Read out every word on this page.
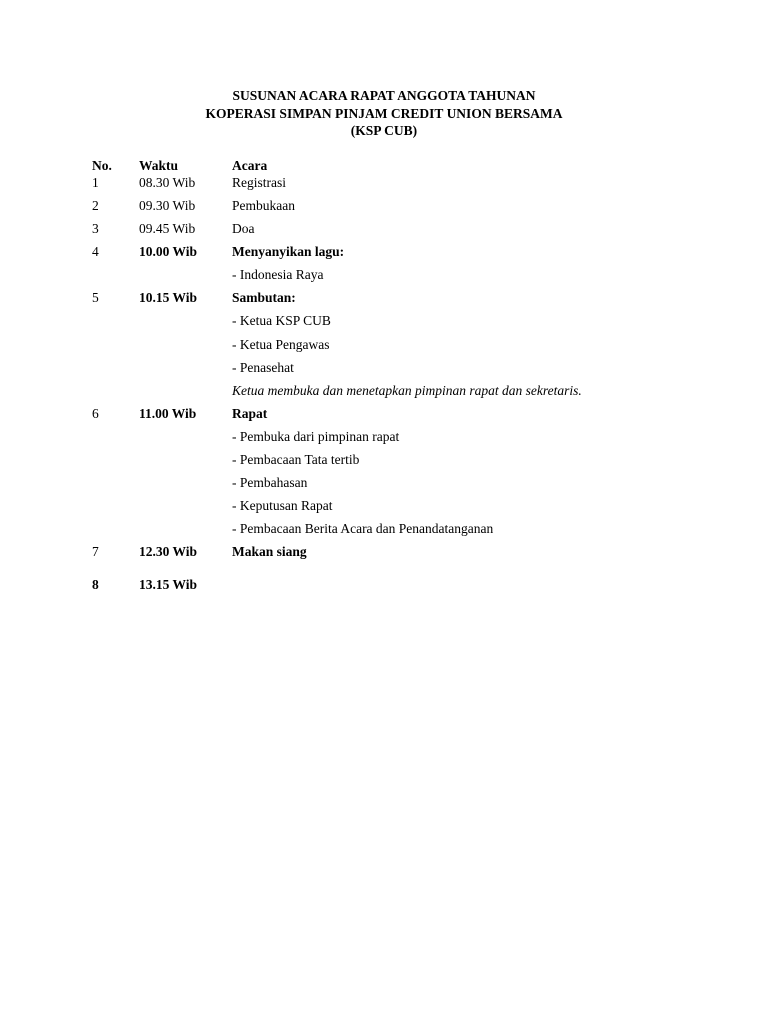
SUSUNAN ACARA RAPAT ANGGOTA TAHUNAN
KOPERASI SIMPAN PINJAM CREDIT UNION BERSAMA
(KSP CUB)
No.	Waktu	Acara
1	08.30 Wib	Registrasi
2	09.30 Wib	Pembukaan
3	09.45 Wib	Doa
4	10.00 Wib	Menyanyikan lagu:
- Indonesia Raya
5	10.15 Wib	Sambutan:
- Ketua KSP CUB
- Ketua Pengawas
- Penasehat
Ketua membuka dan menetapkan pimpinan rapat dan sekretaris.
6	11.00 Wib	Rapat
- Pembuka dari pimpinan rapat
- Pembacaan Tata tertib
- Pembahasan
- Keputusan Rapat
- Pembacaan Berita Acara dan Penandatanganan
7	12.30 Wib	Makan siang
8	13.15 Wib
